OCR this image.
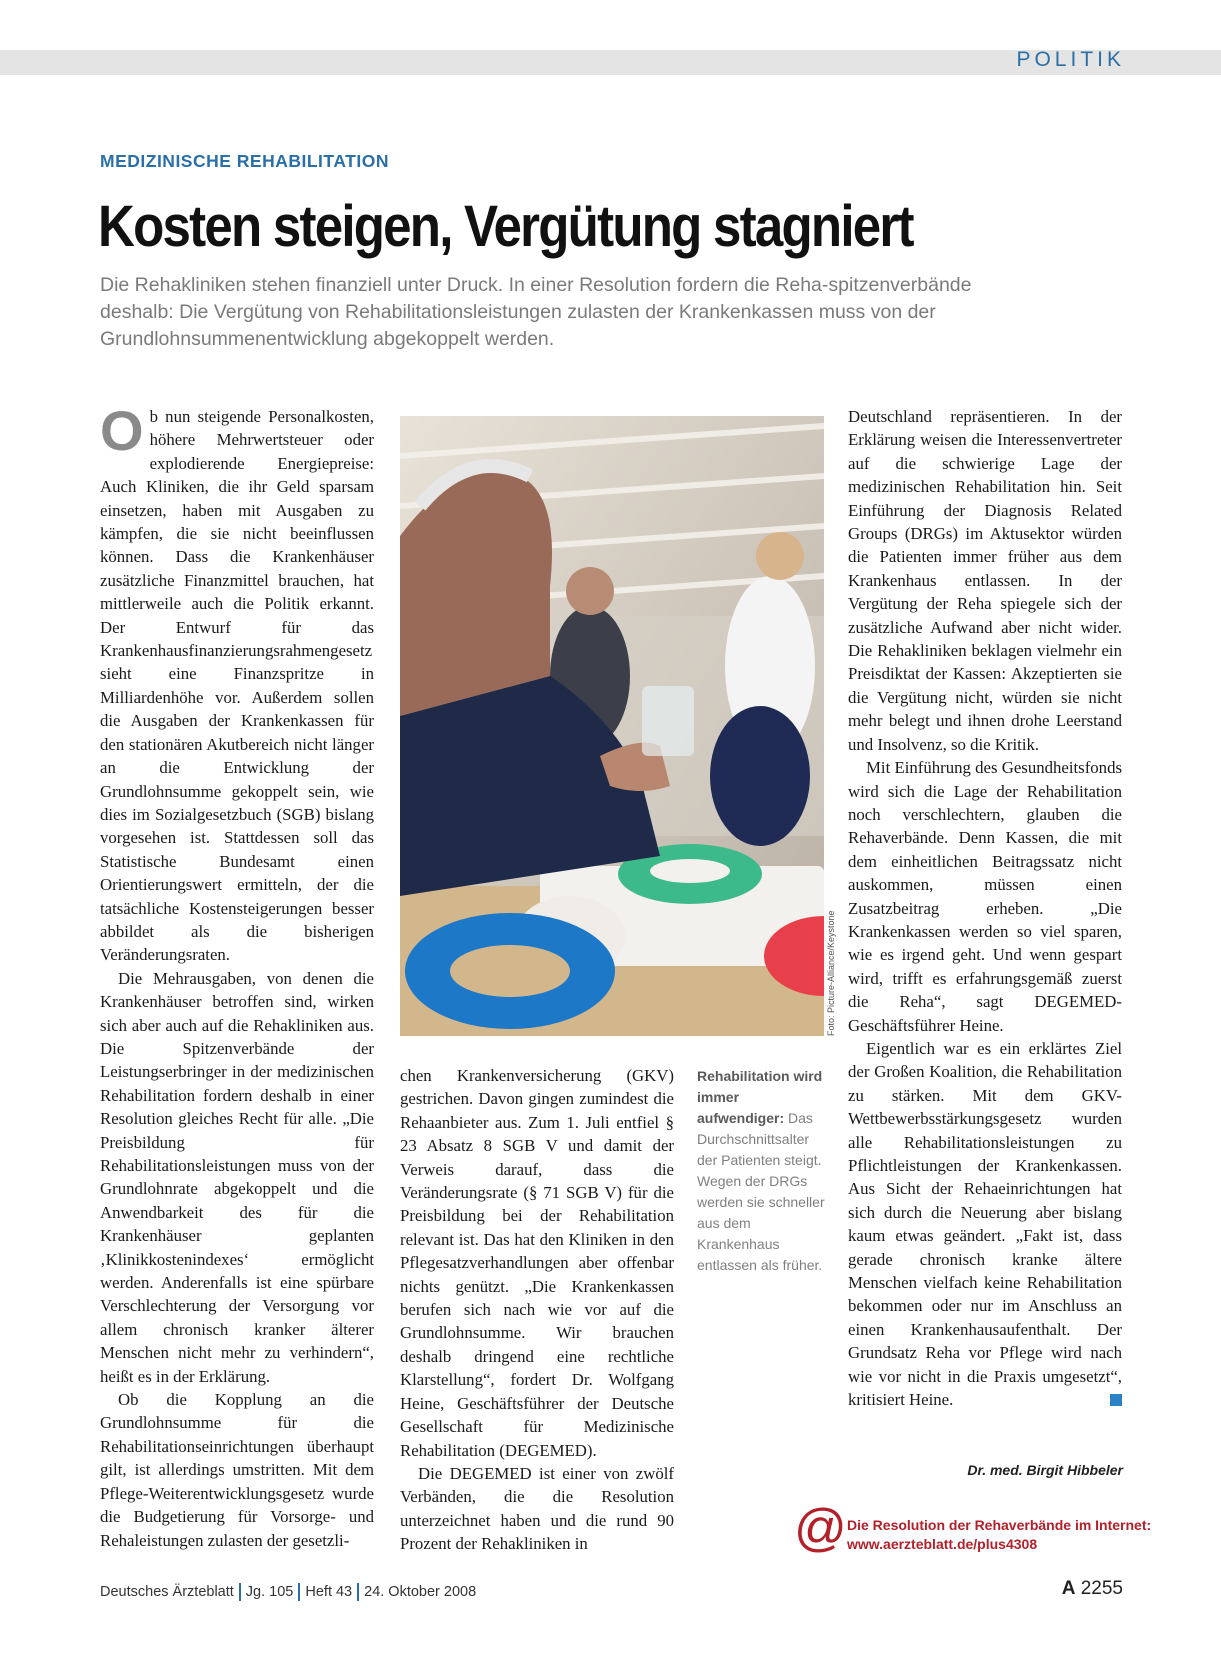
POLITIK
MEDIZINISCHE REHABILITATION
Kosten steigen, Vergütung stagniert

Die Rehakliniken stehen finanziell unter Druck. In einer Resolution fordern die Reha-spitzenverbände deshalb: Die Vergütung von Rehabilitationsleistungen zulasten der Krankenkassen muss von der Grundlohnsummenentwicklung abgekoppelt werden.

Ob nun steigende Personalkosten, höhere Mehrwertsteuer oder explodierende Energiepreise: Auch Kliniken, die ihr Geld sparsam einsetzen, haben mit Ausgaben zu kämpfen, die sie nicht beeinflussen können. Dass die Krankenhäuser zusätzliche Finanzmittel brauchen, hat mittlerweile auch die Politik erkannt. Der Entwurf für das Krankenhausfinanzierungsrahmengesetz sieht eine Finanzspritze in Milliardenhöhe vor. Außerdem sollen die Ausgaben der Krankenkassen für den stationären Akutbereich nicht länger an die Entwicklung der Grundlohnsumme gekoppelt sein, wie dies im Sozialgesetzbuch (SGB) bislang vorgesehen ist. Stattdessen soll das Statistische Bundesamt einen Orientierungswert ermitteln, der die tatsächliche Kostensteigerungen besser abbildet als die bisherigen Veränderungsraten.

Die Mehrausgaben, von denen die Krankenhäuser betroffen sind, wirken sich aber auch auf die Rehakliniken aus. Die Spitzenverbände der Leistungserbringer in der medizinischen Rehabilitation fordern deshalb in einer Resolution gleiches Recht für alle. „Die Preisbildung für Rehabilitationsleistungen muss von der Grundlohnrate abgekoppelt und die Anwendbarkeit des für die Krankenhäuser geplanten ‚Klinikkostenindexes‘ ermöglicht werden. Anderenfalls ist eine spürbare Verschlechterung der Versorgung vor allem chronisch kranker älterer Menschen nicht mehr zu verhindern“, heißt es in der Erklärung.

Ob die Kopplung an die Grundlohnsumme für die Rehabilitationseinrichtungen überhaupt gilt, ist allerdings umstritten. Mit dem Pflege-Weiterentwicklungsgesetz wurde die Budgetierung für Vorsorge- und Rehaleistungen zulasten der gesetzli-

Foto: Picture-Alliance/Keystone

chen Krankenversicherung (GKV) gestrichen. Davon gingen zumindest die Rehaanbieter aus. Zum 1. Juli entfiel § 23 Absatz 8 SGB V und damit der Verweis darauf, dass die Veränderungsrate (§ 71 SGB V) für die Preisbildung bei der Rehabilitation relevant ist. Das hat den Kliniken in den Pflegesatzverhandlungen aber offenbar nichts genützt. „Die Krankenkassen berufen sich nach wie vor auf die Grundlohnsumme. Wir brauchen deshalb dringend eine rechtliche Klarstellung“, fordert Dr. Wolfgang Heine, Geschäftsführer der Deutsche Gesellschaft für Medizinische Rehabilitation (DEGEMED).

Die DEGEMED ist einer von zwölf Verbänden, die die Resolution unterzeichnet haben und die rund 90 Prozent der Rehakliniken in

Rehabilitation wird immer aufwendiger: Das Durchschnittsalter der Patienten steigt. Wegen der DRGs werden sie schneller aus dem Krankenhaus entlassen als früher.

Deutschland repräsentieren. In der Erklärung weisen die Interessenvertreter auf die schwierige Lage der medizinischen Rehabilitation hin. Seit Einführung der Diagnosis Related Groups (DRGs) im Aktusektor würden die Patienten immer früher aus dem Krankenhaus entlassen. In der Vergütung der Reha spiegele sich der zusätzliche Aufwand aber nicht wider. Die Rehakliniken beklagen vielmehr ein Preisdiktat der Kassen: Akzeptierten sie die Vergütung nicht, würden sie nicht mehr belegt und ihnen drohe Leerstand und Insolvenz, so die Kritik.

Mit Einführung des Gesundheitsfonds wird sich die Lage der Rehabilitation noch verschlechtern, glauben die Rehaverbände. Denn Kassen, die mit dem einheitlichen Beitragssatz nicht auskommen, müssen einen Zusatzbeitrag erheben. „Die Krankenkassen werden so viel sparen, wie es irgend geht. Und wenn gespart wird, trifft es erfahrungsgemäß zuerst die Reha“, sagt DEGEMED-Geschäftsführer Heine.

Eigentlich war es ein erklärtes Ziel der Großen Koalition, die Rehabilitation zu stärken. Mit dem GKV-Wettbewerbsstärkungsgesetz wurden alle Rehabilitationsleistungen zu Pflichtleistungen der Krankenkassen. Aus Sicht der Rehaeinrichtungen hat sich durch die Neuerung aber bislang kaum etwas geändert. „Fakt ist, dass gerade chronisch kranke ältere Menschen vielfach keine Rehabilitation bekommen oder nur im Anschluss an einen Krankenhausaufenthalt. Der Grundsatz Reha vor Pflege wird nach wie vor nicht in die Praxis umgesetzt“, kritisiert Heine.

Dr. med. Birgit Hibbeler
@ Die Resolution der Rehaverbände im Internet:
www.aerzteblatt.de/plus4308
Deutsches Ärzteblatt Jg. 105 Heft 43 24. Oktober 2008	A 2255
